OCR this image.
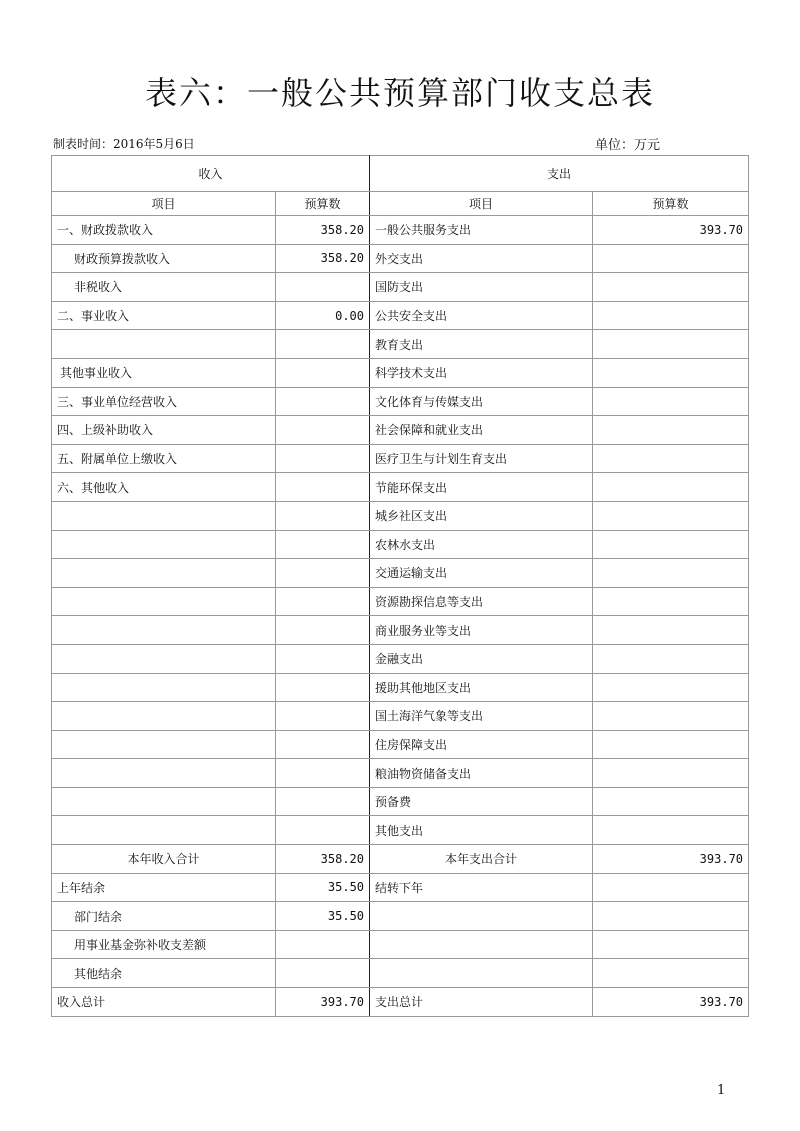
表六：一般公共预算部门收支总表
制表时间：2016年5月6日	单位：万元
收入		支出	
项目	预算数	项目	预算数
一、财政拨款收入	358.20	一般公共服务支出	393.70
财政预算拨款收入	358.20	外交支出	
非税收入		国防支出	
二、事业收入	0.00	公共安全支出	
		教育支出	
其他事业收入		科学技术支出	
三、事业单位经营收入		文化体育与传媒支出	
四、上级补助收入		社会保障和就业支出	
五、附属单位上缴收入		医疗卫生与计划生育支出	
六、其他收入		节能环保支出	
		城乡社区支出	
		农林水支出	
		交通运输支出	
		资源勘探信息等支出	
		商业服务业等支出	
		金融支出	
		援助其他地区支出	
		国土海洋气象等支出	
		住房保障支出	
		粮油物资储备支出	
		预备费	
		其他支出	
本年收入合计	358.20	本年支出合计	393.70
上年结余	35.50	结转下年	
部门结余	35.50		
用事业基金弥补收支差额			
其他结余			
收入总计	393.70	支出总计	393.70
1
